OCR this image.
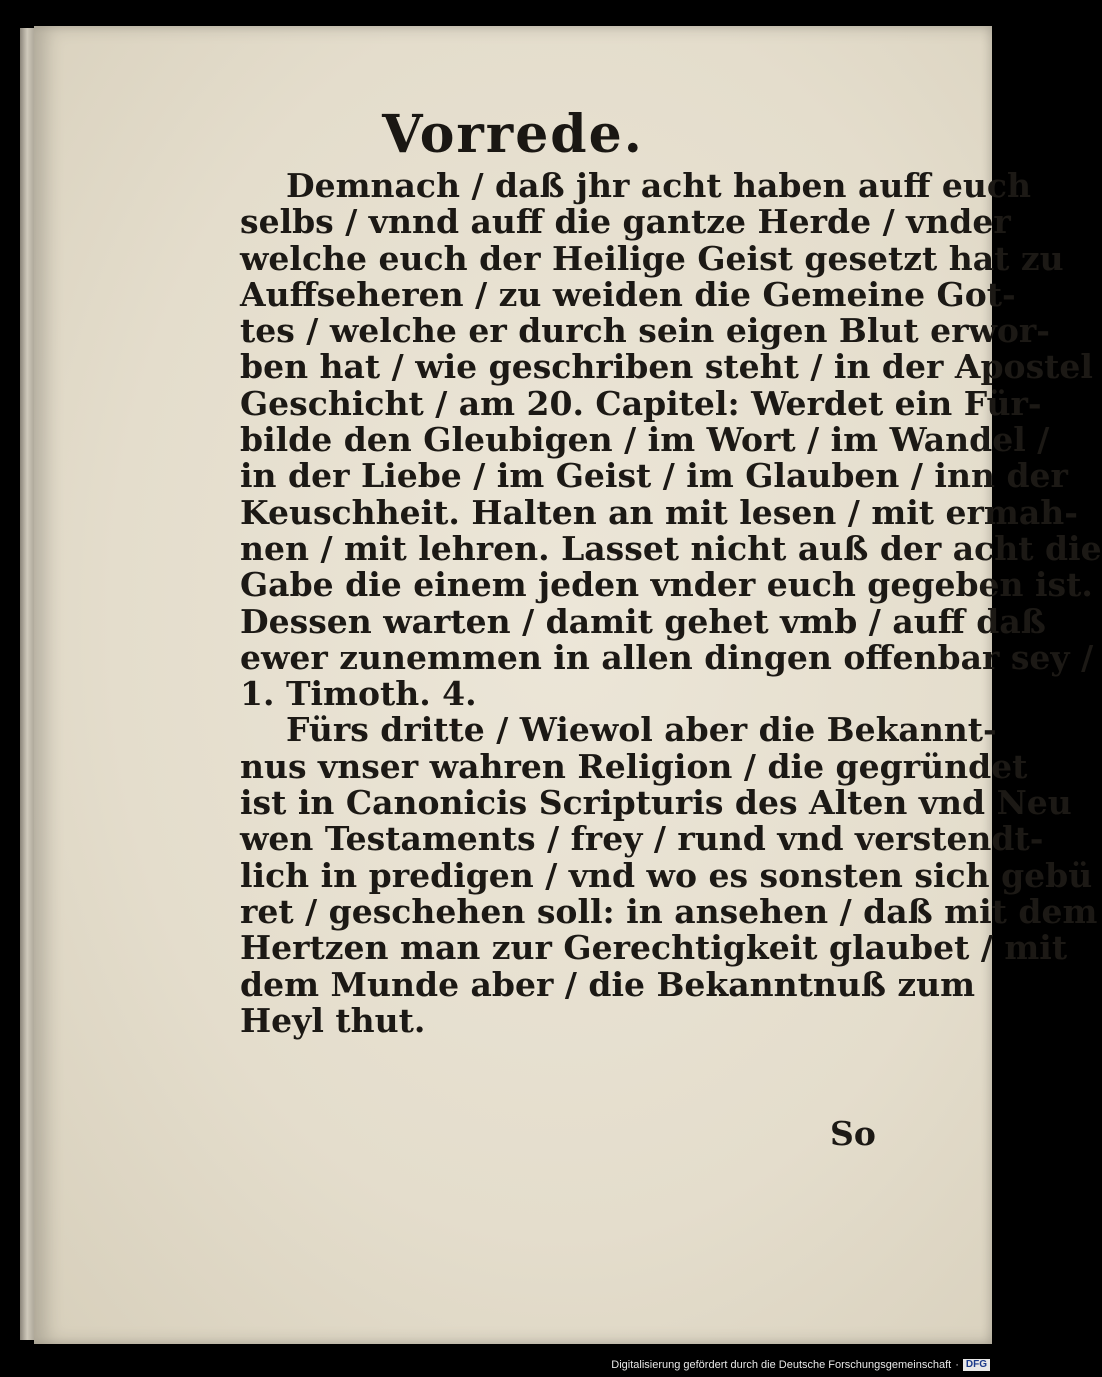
Vorrede.
Demnach / daß jhr acht haben auff euch
selbs / vnnd auff die gantze Herde / vnder
welche euch der Heilige Geist gesetzt hat zu
Auffseheren / zu weiden die Gemeine Got-
tes / welche er durch sein eigen Blut erwor-
ben hat / wie geschriben steht / in der Apostel
Geschicht / am 20. Capitel: Werdet ein Für-
bilde den Gleubigen / im Wort / im Wandel /
in der Liebe / im Geist / im Glauben / inn der
Keuschheit. Halten an mit lesen / mit ermah-
nen / mit lehren. Lasset nicht auß der acht die
Gabe die einem jeden vnder euch gegeben ist.
Dessen warten / damit gehet vmb / auff daß
ewer zunemmen in allen dingen offenbar sey /
1. Timoth. 4.
Fürs dritte / Wiewol aber die Bekannt-
nus vnser wahren Religion / die gegründet
ist in Canonicis Scripturis des Alten vnd Neu
wen Testaments / frey / rund vnd verstendt-
lich in predigen / vnd wo es sonsten sich gebü
ret / geschehen soll: in ansehen / daß mit dem
Hertzen man zur Gerechtigkeit glaubet / mit
dem Munde aber / die Bekanntnuß zum
Heyl thut.
So
Digitalisierung gefördert durch die Deutsche Forschungsgemeinschaft · DFG
